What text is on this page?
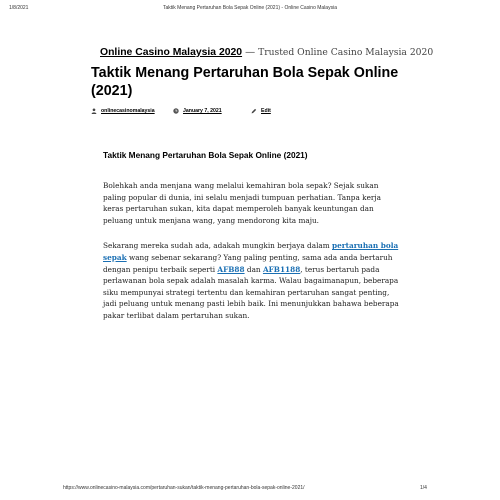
1/8/2021	Taktik Menang Pertaruhan Bola Sepak Online (2021) - Online Casino Malaysia
Online Casino Malaysia 2020 — Trusted Online Casino Malaysia 2020
Taktik Menang Pertaruhan Bola Sepak Online (2021)
onlinecasinomalaysia	January 7, 2021	Edit
Taktik Menang Pertaruhan Bola Sepak Online (2021)

Bolehkah anda menjana wang melalui kemahiran bola sepak? Sejak sukan paling popular di dunia, ini selalu menjadi tumpuan perhatian. Tanpa kerja keras pertaruhan sukan, kita dapat memperoleh banyak keuntungan dan peluang untuk menjana wang, yang mendorong kita maju.

Sekarang mereka sudah ada, adakah mungkin berjaya dalam pertaruhan bola sepak wang sebenar sekarang? Yang paling penting, sama ada anda bertaruh dengan penipu terbaik seperti AFB88 dan AFB1188, terus bertaruh pada perlawanan bola sepak adalah masalah karma. Walau bagaimanapun, beberapa siku mempunyai strategi tertentu dan kemahiran pertaruhan sangat penting, jadi peluang untuk menang pasti lebih baik. Ini menunjukkan bahawa beberapa pakar terlibat dalam pertaruhan sukan.

https://www.onlinecasino-malaysia.com/pertaruhan-sukan/taktik-menang-pertaruhan-bola-sepak-online-2021/	1/4
